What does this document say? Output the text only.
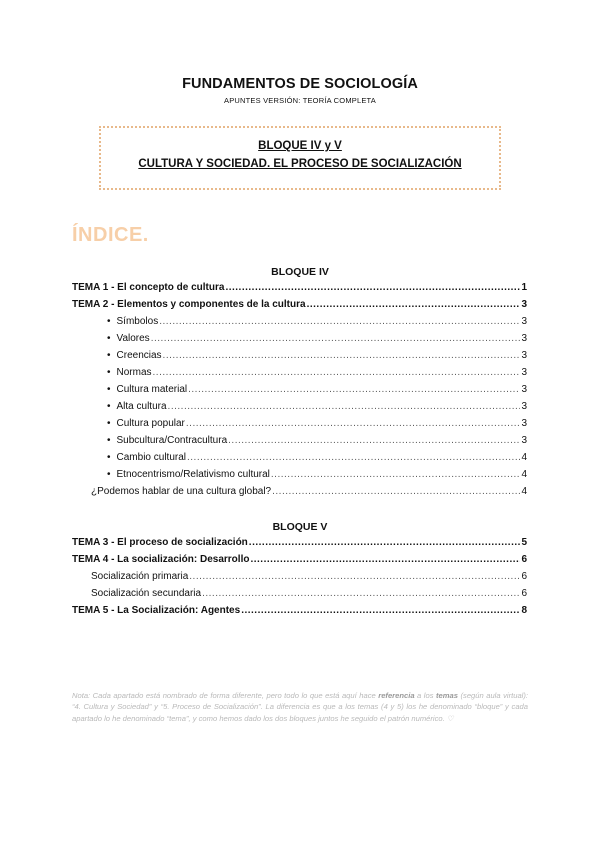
FUNDAMENTOS DE SOCIOLOGÍA
APUNTES VERSIÓN: TEORÍA COMPLETA
BLOQUE IV y V
CULTURA Y SOCIEDAD. EL PROCESO DE SOCIALIZACIÓN
ÍNDICE.
BLOQUE IV
TEMA 1 - El concepto de cultura .....	1
TEMA 2 - Elementos y componentes de la cultura .....	3
• Símbolos .....	3
• Valores .....	3
• Creencias .....	3
• Normas .....	3
• Cultura material .....	3
• Alta cultura .....	3
• Cultura popular .....	3
• Subcultura/Contracultura .....	3
• Cambio cultural .....	4
• Etnocentrismo/Relativismo cultural .....	4
¿Podemos hablar de una cultura global? .....	4
BLOQUE V
TEMA 3 - El proceso de socialización .....	5
TEMA 4 - La socialización: Desarrollo .....	6
Socialización primaria .....	6
Socialización secundaria .....	6
TEMA 5 - La Socialización: Agentes .....	8
Nota: Cada apartado está nombrado de forma diferente, pero todo lo que está aquí hace referencia a los temas (según aula virtual): “4. Cultura y Sociedad” y “5. Proceso de Socialización”. La diferencia es que a los temas (4 y 5) los he denominado “bloque” y cada apartado lo he denominado “tema”, y como hemos dado los dos bloques juntos he seguido el patrón numérico. ♡
